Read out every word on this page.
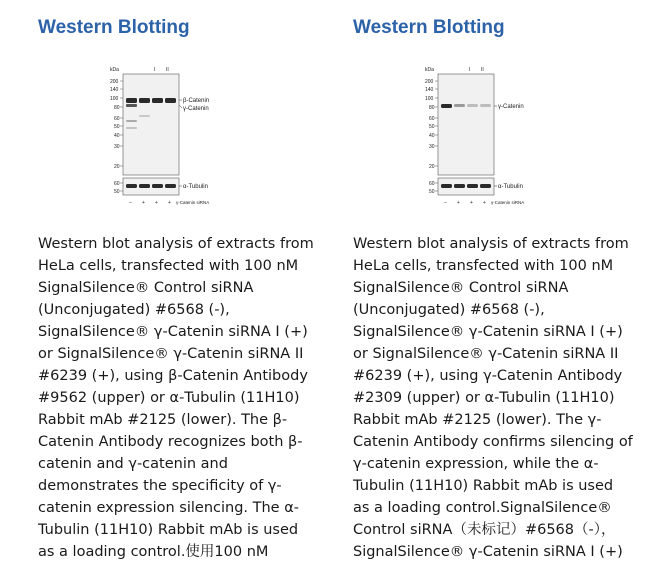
Western Blotting
kDa	I II
200
140
100
80
60
50
40
30
20
β-Catenin
γ-Catenin
60
50
α-Tubulin
– + + + γ-Catenin siRNA

Western blot analysis of extracts from
HeLa cells, transfected with 100 nM
SignalSilence® Control siRNA
(Unconjugated) #6568 (-),
SignalSilence® γ-Catenin siRNA I (+)
or SignalSilence® γ-Catenin siRNA II
#6239 (+), using β-Catenin Antibody
#9562 (upper) or α-Tubulin (11H10)
Rabbit mAb #2125 (lower). The β-
Catenin Antibody recognizes both β-
catenin and γ-catenin and
demonstrates the specificity of γ-
catenin expression silencing. The α-
Tubulin (11H10) Rabbit mAb is used
as a loading control.使用100 nM

Western Blotting
kDa	I II
200
140
100
80
60
50
40
30
20
γ-Catenin
60
50
α-Tubulin
– + + + γ-Catenin siRNA

Western blot analysis of extracts from
HeLa cells, transfected with 100 nM
SignalSilence® Control siRNA
(Unconjugated) #6568 (-),
SignalSilence® γ-Catenin siRNA I (+)
or SignalSilence® γ-Catenin siRNA II
#6239 (+), using γ-Catenin Antibody
#2309 (upper) or α-Tubulin (11H10)
Rabbit mAb #2125 (lower). The γ-
Catenin Antibody confirms silencing of
γ-catenin expression, while the α-
Tubulin (11H10) Rabbit mAb is used
as a loading control.SignalSilence®
Control siRNA（未标记）#6568（-），
SignalSilence® γ-Catenin siRNA I (+)
